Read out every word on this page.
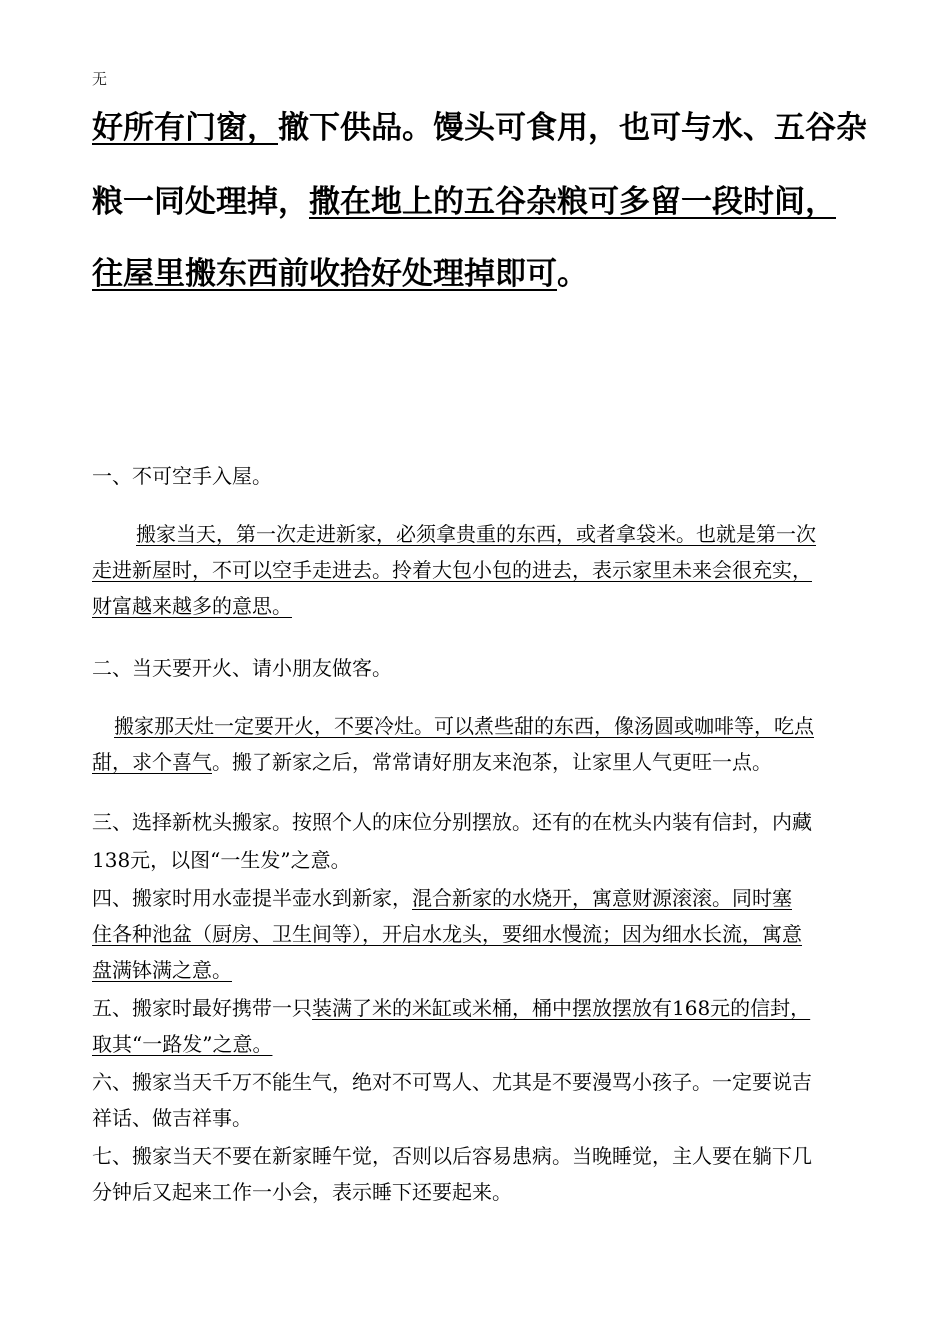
无
好所有门窗，撤下供品。馒头可食用，也可与水、五谷杂
粮一同处理掉，撒在地上的五谷杂粮可多留一段时间，
往屋里搬东西前收拾好处理掉即可。
一、不可空手入屋。
搬家当天，第一次走进新家，必须拿贵重的东西，或者拿袋米。也就是第一次
走进新屋时，不可以空手走进去。拎着大包小包的进去，表示家里未来会很充实，
财富越来越多的意思。
二、当天要开火、请小朋友做客。
搬家那天灶一定要开火，不要冷灶。可以煮些甜的东西，像汤圆或咖啡等，吃点
甜，求个喜气。搬了新家之后，常常请好朋友来泡茶，让家里人气更旺一点。
三、选择新枕头搬家。按照个人的床位分别摆放。还有的在枕头内装有信封，内藏
138元，以图“一生发”之意。
四、搬家时用水壶提半壶水到新家，混合新家的水烧开，寓意财源滚滚。同时塞
住各种池盆（厨房、卫生间等），开启水龙头，要细水慢流；因为细水长流，寓意
盘满钵满之意。
五、搬家时最好携带一只装满了米的米缸或米桶，桶中摆放摆放有168元的信封，
取其“一路发”之意。
六、搬家当天千万不能生气，绝对不可骂人、尤其是不要漫骂小孩子。一定要说吉
祥话、做吉祥事。
七、搬家当天不要在新家睡午觉，否则以后容易患病。当晚睡觉，主人要在躺下几
分钟后又起来工作一小会，表示睡下还要起来。
